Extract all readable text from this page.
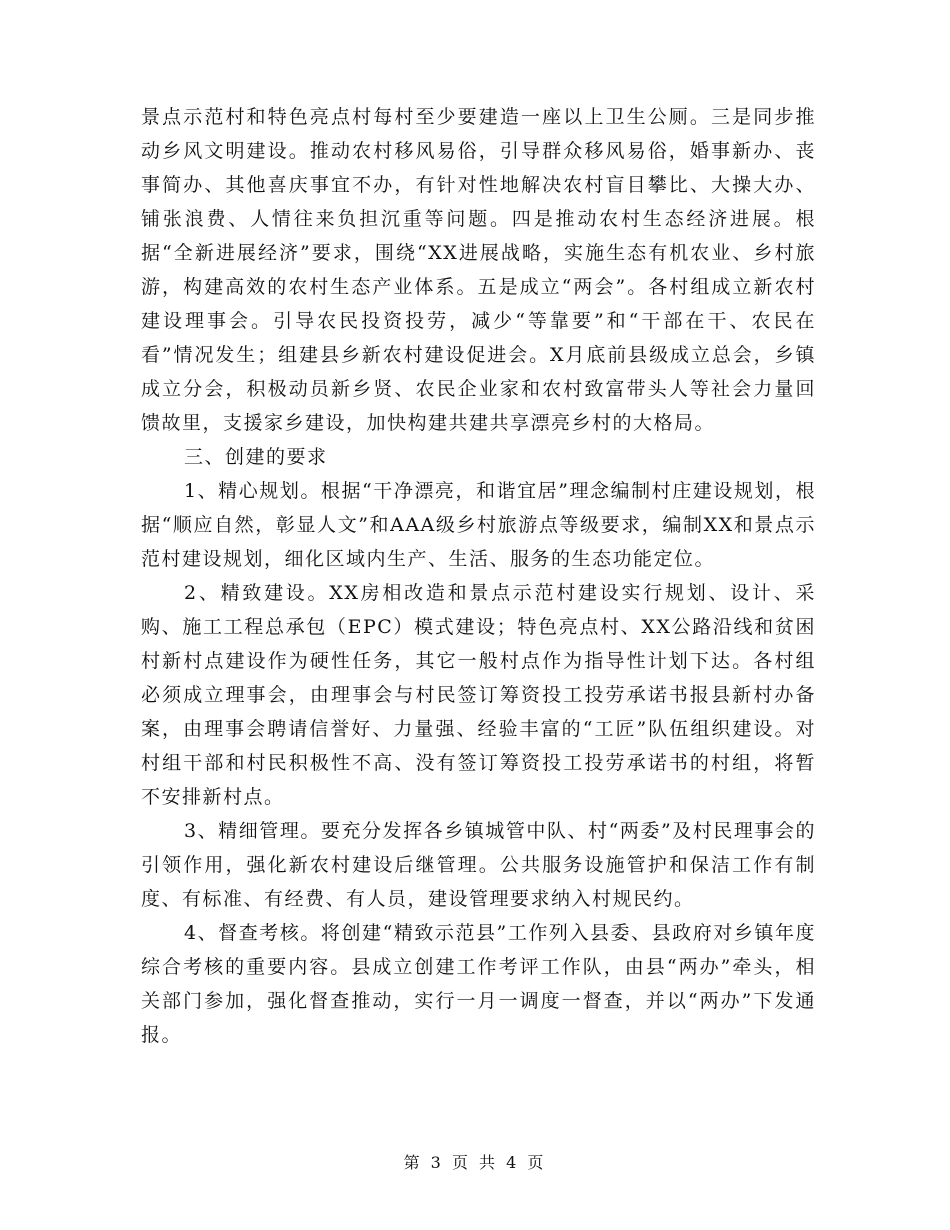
景点示范村和特色亮点村每村至少要建造一座以上卫生公厕。三是同步推动乡风文明建设。推动农村移风易俗，引导群众移风易俗，婚事新办、丧事简办、其他喜庆事宜不办，有针对性地解决农村盲目攀比、大操大办、铺张浪费、人情往来负担沉重等问题。四是推动农村生态经济进展。根据“全新进展经济”要求，围绕“XX进展战略，实施生态有机农业、乡村旅游，构建高效的农村生态产业体系。五是成立“两会”。各村组成立新农村建设理事会。引导农民投资投劳，减少“等靠要”和“干部在干、农民在看”情况发生；组建县乡新农村建设促进会。X月底前县级成立总会，乡镇成立分会，积极动员新乡贤、农民企业家和农村致富带头人等社会力量回馈故里，支援家乡建设，加快构建共建共享漂亮乡村的大格局。

三、创建的要求

1、精心规划。根据“干净漂亮，和谐宜居”理念编制村庄建设规划，根据“顺应自然，彰显人文”和AAA级乡村旅游点等级要求，编制XX和景点示范村建设规划，细化区域内生产、生活、服务的生态功能定位。

2、精致建设。XX房相改造和景点示范村建设实行规划、设计、采购、施工工程总承包（EPC）模式建设；特色亮点村、XX公路沿线和贫困村新村点建设作为硬性任务，其它一般村点作为指导性计划下达。各村组必须成立理事会，由理事会与村民签订筹资投工投劳承诺书报县新村办备案，由理事会聘请信誉好、力量强、经验丰富的“工匠”队伍组织建设。对村组干部和村民积极性不高、没有签订筹资投工投劳承诺书的村组，将暂不安排新村点。

3、精细管理。要充分发挥各乡镇城管中队、村“两委”及村民理事会的引领作用，强化新农村建设后继管理。公共服务设施管护和保洁工作有制度、有标准、有经费、有人员，建设管理要求纳入村规民约。

4、督查考核。将创建“精致示范县”工作列入县委、县政府对乡镇年度综合考核的重要内容。县成立创建工作考评工作队，由县“两办”牵头，相关部门参加，强化督查推动，实行一月一调度一督查，并以“两办”下发通报。

第 3 页 共 4 页
